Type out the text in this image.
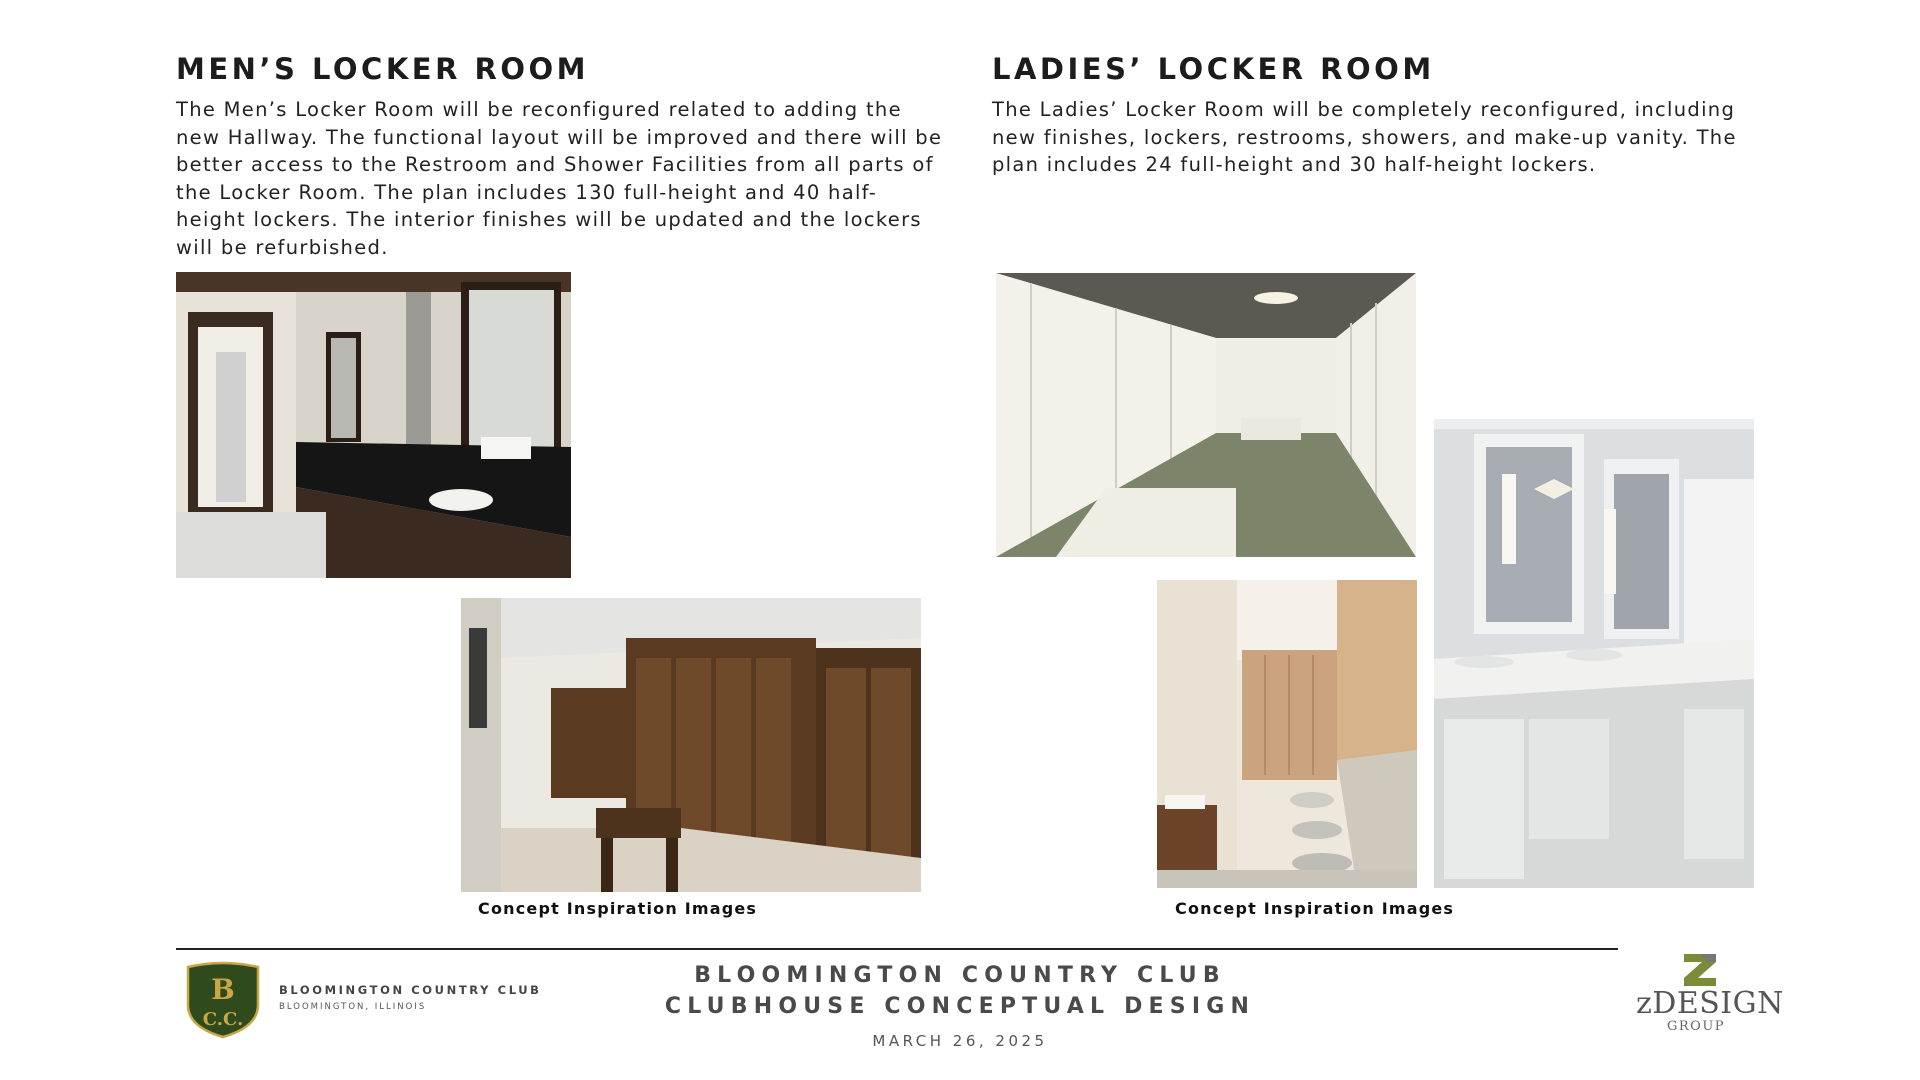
MEN’S LOCKER ROOM

The Men’s Locker Room will be reconfigured related to adding the new Hallway. The functional layout will be improved and there will be better access to the Restroom and Shower Facilities from all parts of the Locker Room. The plan includes 130 full-height and 40 half-height lockers. The interior finishes will be updated and the lockers will be refurbished.

Concept Inspiration Images
LADIES’ LOCKER ROOM

The Ladies’ Locker Room will be completely reconfigured, including new finishes, lockers, restrooms, showers, and make-up vanity. The plan includes 24 full-height and 30 half-height lockers.

Concept Inspiration Images
B
C.C.
BLOOMINGTON COUNTRY CLUB
BLOOMINGTON, ILLINOIS
BLOOMINGTON COUNTRY CLUB
CLUBHOUSE CONCEPTUAL DESIGN
MARCH 26, 2025
zDESIGN
GROUP
